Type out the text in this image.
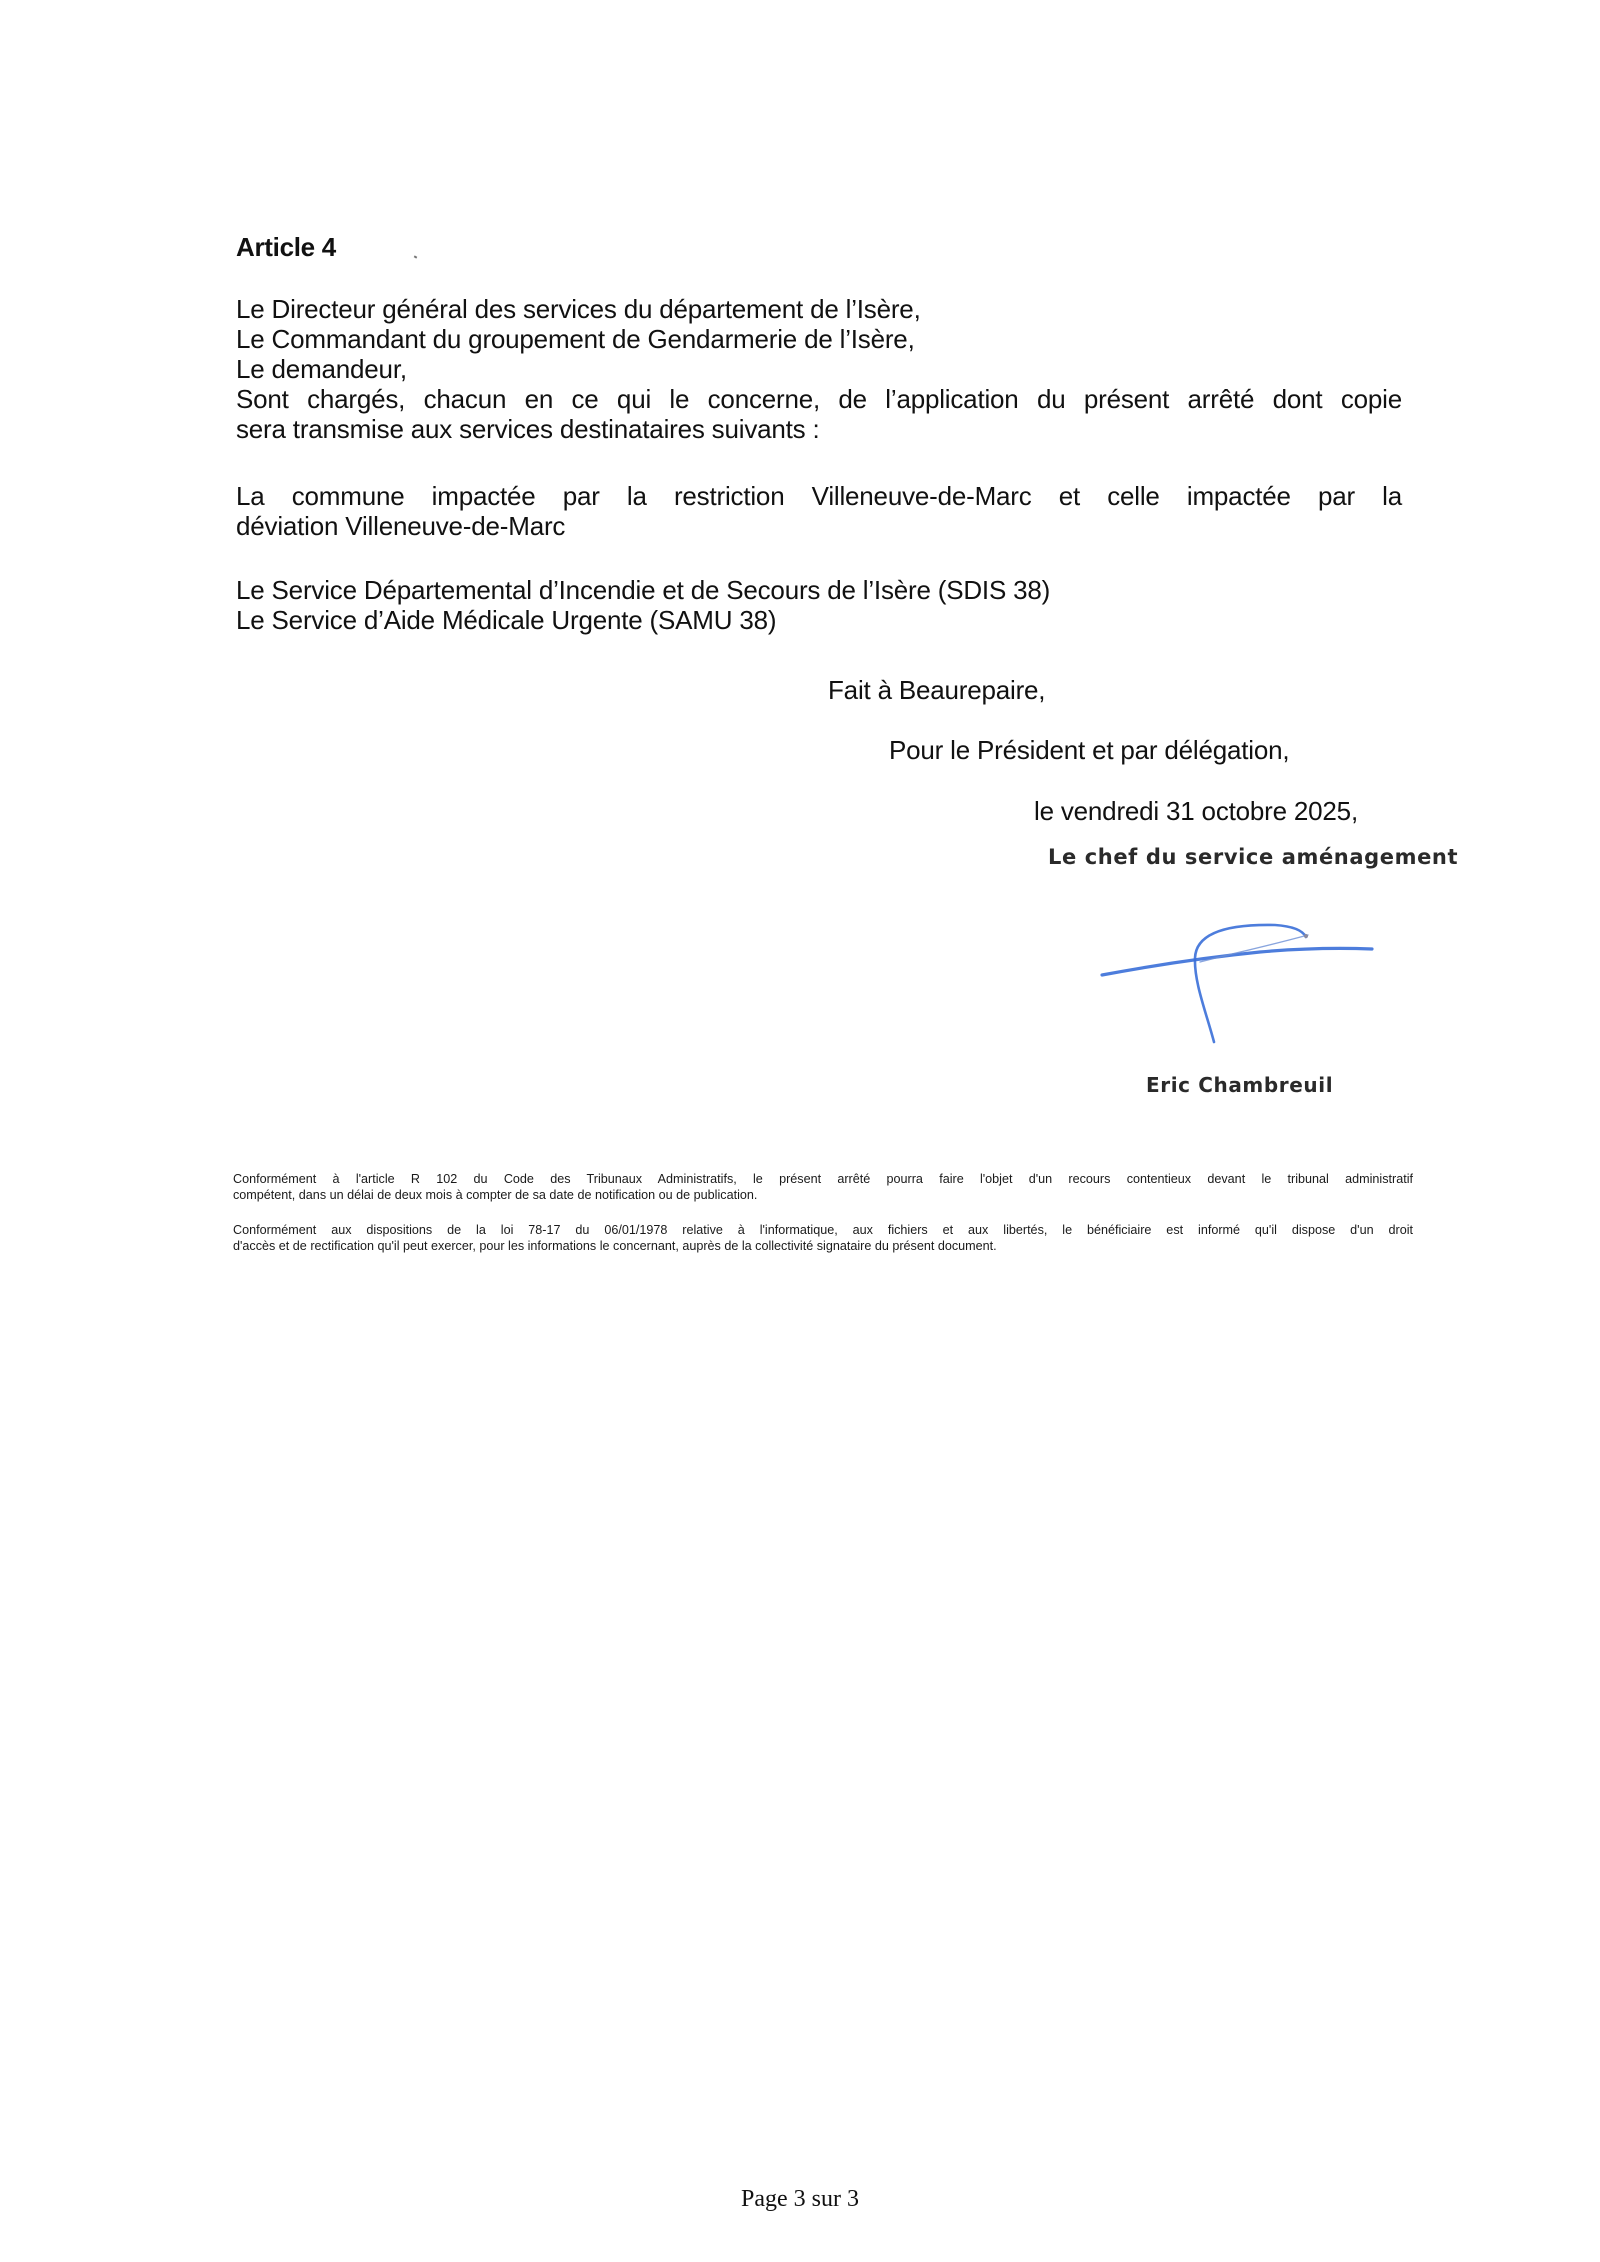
Article 4
Le Directeur général des services du département de l’Isère,
Le Commandant du groupement de Gendarmerie de l’Isère,
Le demandeur,
Sont chargés, chacun en ce qui le concerne, de l’application du présent arrêté dont copie
sera transmise aux services destinataires suivants :
La commune impactée par la restriction Villeneuve-de-Marc et celle impactée par la
déviation Villeneuve-de-Marc
Le Service Départemental d’Incendie et de Secours de l’Isère (SDIS 38)
Le Service d’Aide Médicale Urgente (SAMU 38)
Fait à Beaurepaire,
Pour le Président et par délégation,
le vendredi 31 octobre 2025,
Le chef du service aménagement
Eric Chambreuil
Conformément à l'article R 102 du Code des Tribunaux Administratifs, le présent arrêté pourra faire l'objet d'un recours contentieux devant le tribunal administratif
compétent, dans un délai de deux mois à compter de sa date de notification ou de publication.
Conformément aux dispositions de la loi 78-17 du 06/01/1978 relative à l'informatique, aux fichiers et aux libertés, le bénéficiaire est informé qu'il dispose d'un droit
d'accès et de rectification qu'il peut exercer, pour les informations le concernant, auprès de la collectivité signataire du présent document.
Page 3 sur 3
